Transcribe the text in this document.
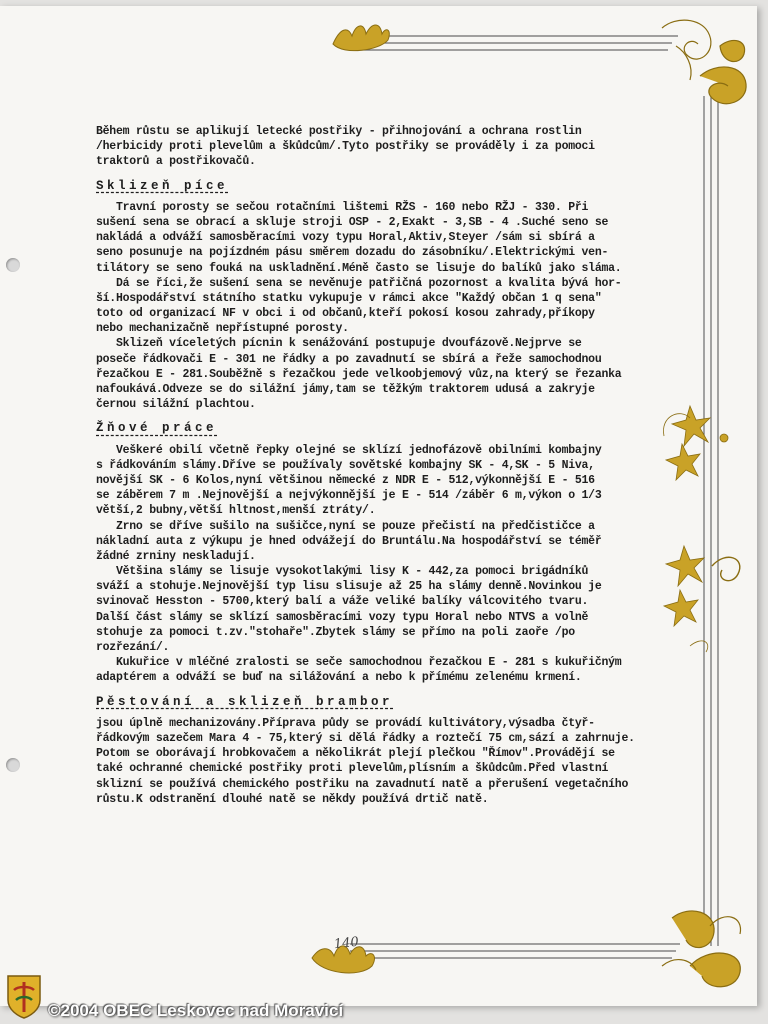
140
Během růstu se aplikují letecké postřiky - přihnojování a ochrana rostlin
/herbicidy proti plevelům a škůdcům/.Tyto postřiky se prováděly i za pomoci
traktorů a postřikovačů.
Sklizeň píce
Travní porosty se sečou rotačními lištemi RŽS - 160 nebo RŽJ - 330. Při
sušení sena se obrací a skluje stroji OSP - 2,Exakt - 3,SB - 4 .Suché seno se
nakládá a odváží samosběracími vozy typu Horal,Aktiv,Steyer /sám si sbírá a
seno posunuje na pojízdném pásu směrem dozadu do zásobníku/.Elektrickými ven-
tilátory se seno fouká na uskladnění.Méně často se lisuje do balíků jako sláma.
Dá se říci,že sušení sena se nevěnuje patřičná pozornost a kvalita bývá hor-
ší.Hospodářství státního statku vykupuje v rámci akce "Každý občan 1 q sena"
toto od organizací NF v obci i od občanů,kteří pokosí kosou zahrady,příkopy
nebo mechanizačně nepřístupné porosty.
Sklizeň víceletých pícnin k senážování postupuje dvoufázově.Nejprve se
poseče řádkovači E - 301 ne řádky a po zavadnutí se sbírá a řeže samochodnou
řezačkou E - 281.Souběžně s řezačkou jede velkoobjemový vůz,na který se řezanka
nafoukává.Odveze se do silážní jámy,tam se těžkým traktorem udusá a zakryje
černou silážní plachtou.
Žňové práce
Veškeré obilí včetně řepky olejné se sklízí jednofázově obilními kombajny
s řádkováním slámy.Dříve se používaly sovětské kombajny SK - 4,SK - 5 Niva,
novější SK - 6 Kolos,nyní většinou německé z NDR E - 512,výkonnější E - 516
se záběrem 7 m .Nejnovější a nejvýkonnější je E - 514 /záběr 6 m,výkon o 1/3
větší,2 bubny,větší hltnost,menší ztráty/.
Zrno se dříve sušilo na sušičce,nyní se pouze přečistí na předčističce a
nákladní auta z výkupu je hned odvážejí do Bruntálu.Na hospodářství se téměř
žádné zrniny neskladují.
Většina slámy se lisuje vysokotlakými lisy K - 442,za pomoci brigádníků
sváží a stohuje.Nejnovější typ lisu slisuje až 25 ha slámy denně.Novinkou je
svinovač Hesston - 5700,který balí a váže veliké balíky válcovitého tvaru.
Další část slámy se sklízí samosběracími vozy typu Horal nebo NTVS a volně
stohuje za pomoci t.zv."stohaře".Zbytek slámy se přímo na poli zaoře /po
rozřezání/.
Kukuřice v mléčné zralosti se seče samochodnou řezačkou E - 281 s kukuřičným
adaptérem a odváží se buď na silážování a nebo k přímému zelenému krmení.
Pěstování a sklizeň brambor
jsou úplně mechanizovány.Příprava půdy se provádí kultivátory,výsadba čtyř-
řádkovým sazečem Mara 4 - 75,který si dělá řádky a roztečí 75 cm,sází a zahrnuje.
Potom se oborávají hrobkovačem a několikrát plejí plečkou "Římov".Provádějí se
také ochranné chemické postřiky proti plevelům,plísním a škůdcům.Před vlastní
sklizní se používá chemického postřiku na zavadnutí natě a přerušení vegetačního
růstu.K odstranění dlouhé natě se někdy používá drtič natě.
©2004 OBEC Leskovec nad Moravicí
